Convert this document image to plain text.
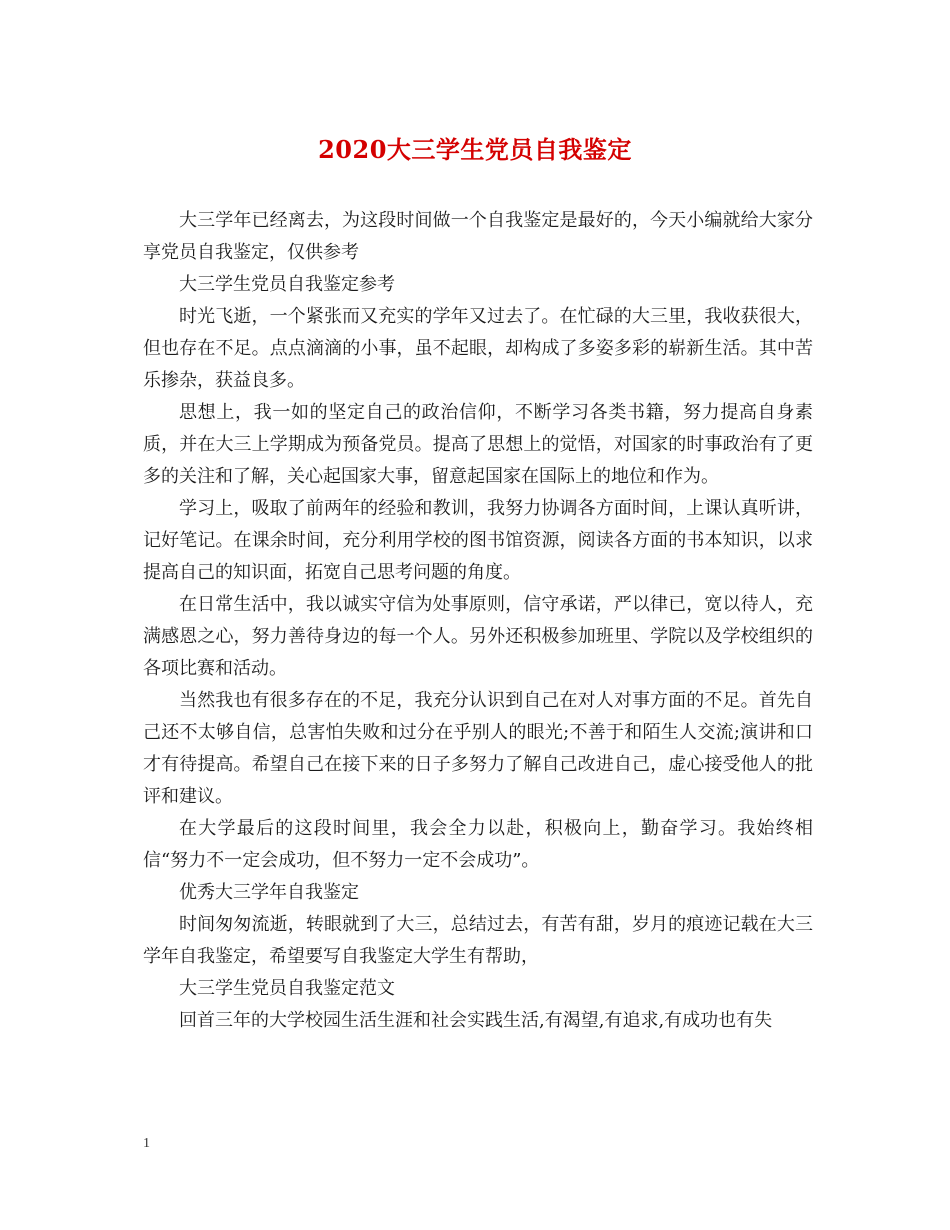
2020大三学生党员自我鉴定

大三学年已经离去，为这段时间做一个自我鉴定是最好的，今天小编就给大家分享党员自我鉴定，仅供参考

大三学生党员自我鉴定参考

时光飞逝，一个紧张而又充实的学年又过去了。在忙碌的大三里，我收获很大，但也存在不足。点点滴滴的小事，虽不起眼，却构成了多姿多彩的崭新生活。其中苦乐掺杂，获益良多。

思想上，我一如的坚定自己的政治信仰，不断学习各类书籍，努力提高自身素质，并在大三上学期成为预备党员。提高了思想上的觉悟，对国家的时事政治有了更多的关注和了解，关心起国家大事，留意起国家在国际上的地位和作为。

学习上，吸取了前两年的经验和教训，我努力协调各方面时间，上课认真听讲，记好笔记。在课余时间，充分利用学校的图书馆资源，阅读各方面的书本知识，以求提高自己的知识面，拓宽自己思考问题的角度。

在日常生活中，我以诚实守信为处事原则，信守承诺，严以律已，宽以待人，充满感恩之心，努力善待身边的每一个人。另外还积极参加班里、学院以及学校组织的各项比赛和活动。

当然我也有很多存在的不足，我充分认识到自己在对人对事方面的不足。首先自己还不太够自信，总害怕失败和过分在乎别人的眼光;不善于和陌生人交流;演讲和口才有待提高。希望自己在接下来的日子多努力了解自己改进自己，虚心接受他人的批评和建议。

在大学最后的这段时间里，我会全力以赴，积极向上，勤奋学习。我始终相信“努力不一定会成功，但不努力一定不会成功”。

优秀大三学年自我鉴定

时间匆匆流逝，转眼就到了大三，总结过去，有苦有甜，岁月的痕迹记载在大三学年自我鉴定，希望要写自我鉴定大学生有帮助，

大三学生党员自我鉴定范文

回首三年的大学校园生活生涯和社会实践生活,有渴望,有追求,有成功也有失

1
